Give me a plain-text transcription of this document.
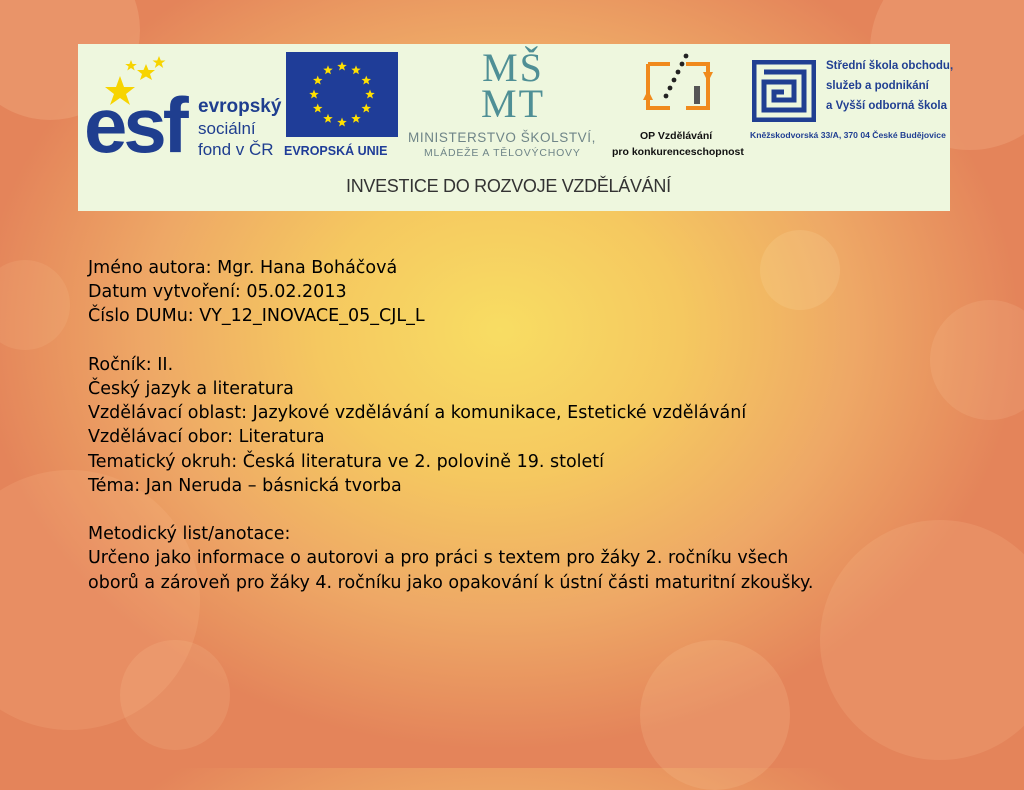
esf evropský
sociální
fond v ČR EVROPSKÁ UNIE
MŠ
MT
MINISTERSTVO ŠKOLSTVÍ,
MLÁDEŽE A TĚLOVÝCHOVY
OP Vzdělávání
pro konkurenceschopnost
Střední škola obchodu,
služeb a podnikání
a Vyšší odborná škola
Kněžskodvorská 33/A, 370 04 České Budějovice
INVESTICE DO ROZVOJE VZDĚLÁVÁNÍ
Jméno autora: Mgr. Hana Boháčová
Datum vytvoření: 05.02.2013
Číslo DUMu: VY_12_INOVACE_05_CJL_L
Ročník: II.
Český jazyk a literatura
Vzdělávací oblast: Jazykové vzdělávání a komunikace, Estetické vzdělávání
Vzdělávací obor: Literatura
Tematický okruh: Česká literatura ve 2. polovině 19. století
Téma: Jan Neruda – básnická tvorba
Metodický list/anotace:
Určeno jako informace o autorovi a pro práci s textem pro žáky 2. ročníku všech
oborů a zároveň pro žáky 4. ročníku jako opakování k ústní části maturitní zkoušky.
